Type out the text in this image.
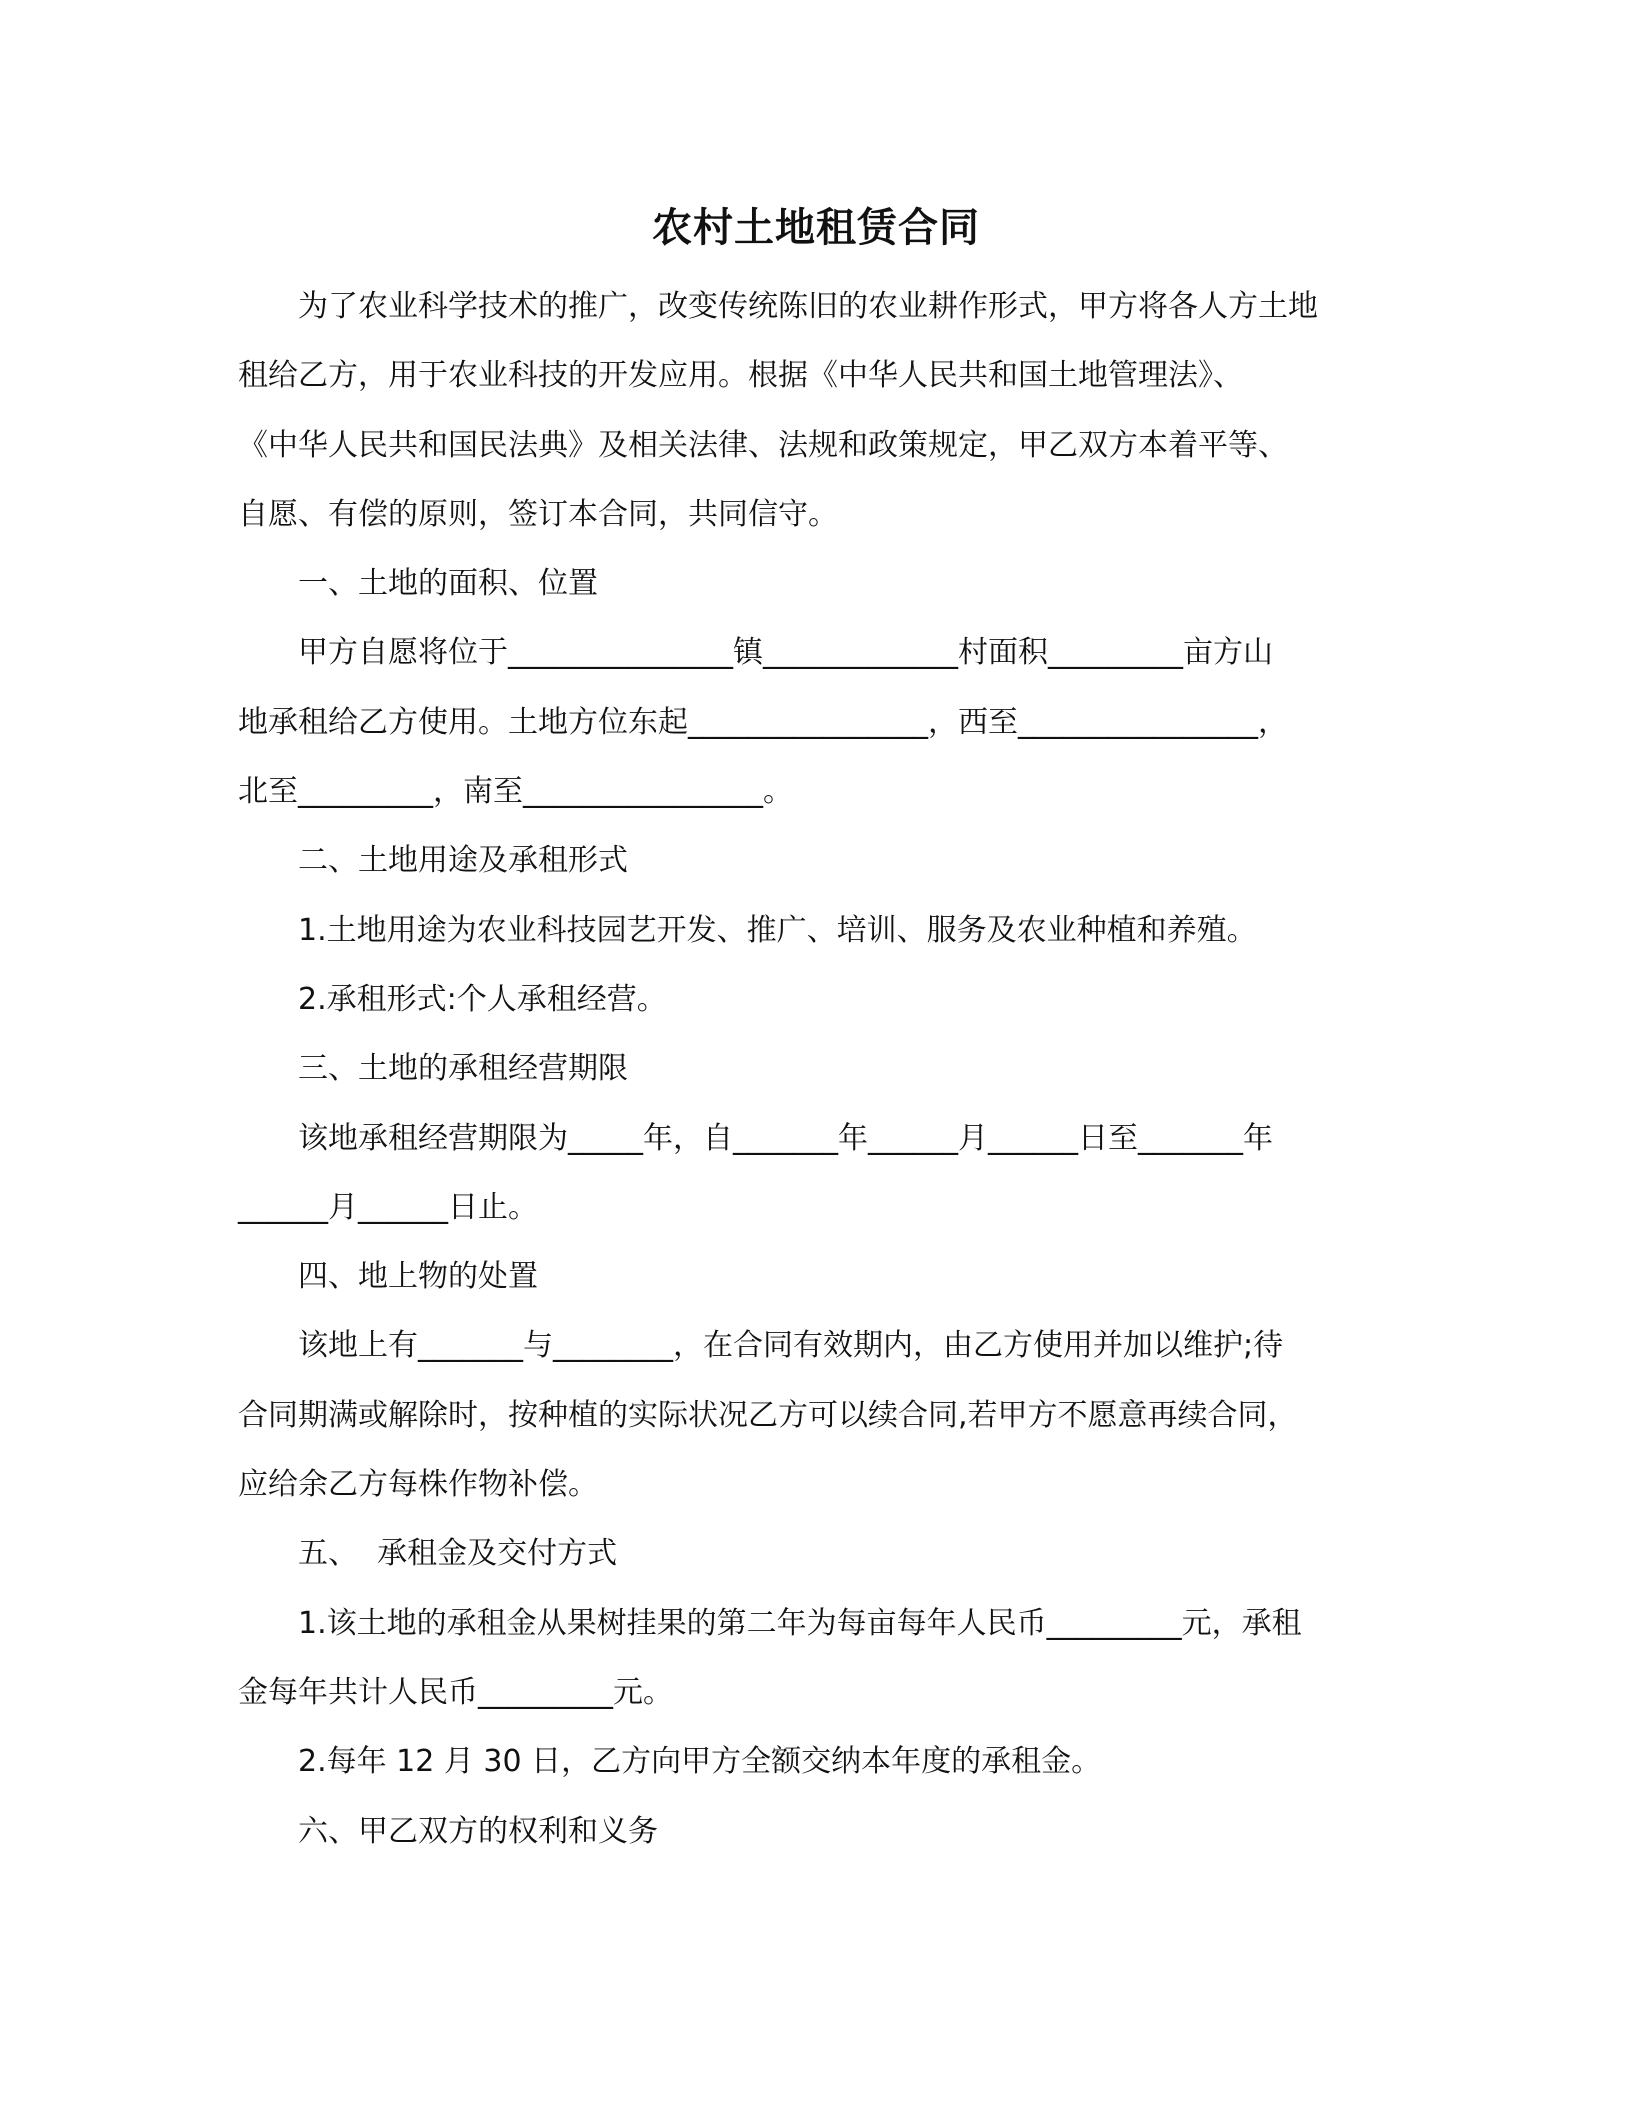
农村土地租赁合同

为了农业科学技术的推广，改变传统陈旧的农业耕作形式，甲方将各人方土地

租给乙方，用于农业科技的开发应用。根据《中华人民共和国土地管理法》、

《中华人民共和国民法典》及相关法律、法规和政策规定，甲乙双方本着平等、

自愿、有偿的原则，签订本合同，共同信守。

一、土地的面积、位置

甲方自愿将位于_______________镇_____________村面积_________亩方山

地承租给乙方使用。土地方位东起________________，西至________________，

北至_________，南至________________。

二、土地用途及承租形式

1.土地用途为农业科技园艺开发、推广、培训、服务及农业种植和养殖。

2.承租形式:个人承租经营。

三、土地的承租经营期限

该地承租经营期限为_____年，自_______年______月______日至_______年

______月______日止。

四、地上物的处置

该地上有_______与________，在合同有效期内，由乙方使用并加以维护;待

合同期满或解除时，按种植的实际状况乙方可以续合同,若甲方不愿意再续合同，

应给余乙方每株作物补偿。

五、  承租金及交付方式

1.该土地的承租金从果树挂果的第二年为每亩每年人民币_________元，承租

金每年共计人民币_________元。

2.每年 12 月 30 日，乙方向甲方全额交纳本年度的承租金。

六、甲乙双方的权利和义务
